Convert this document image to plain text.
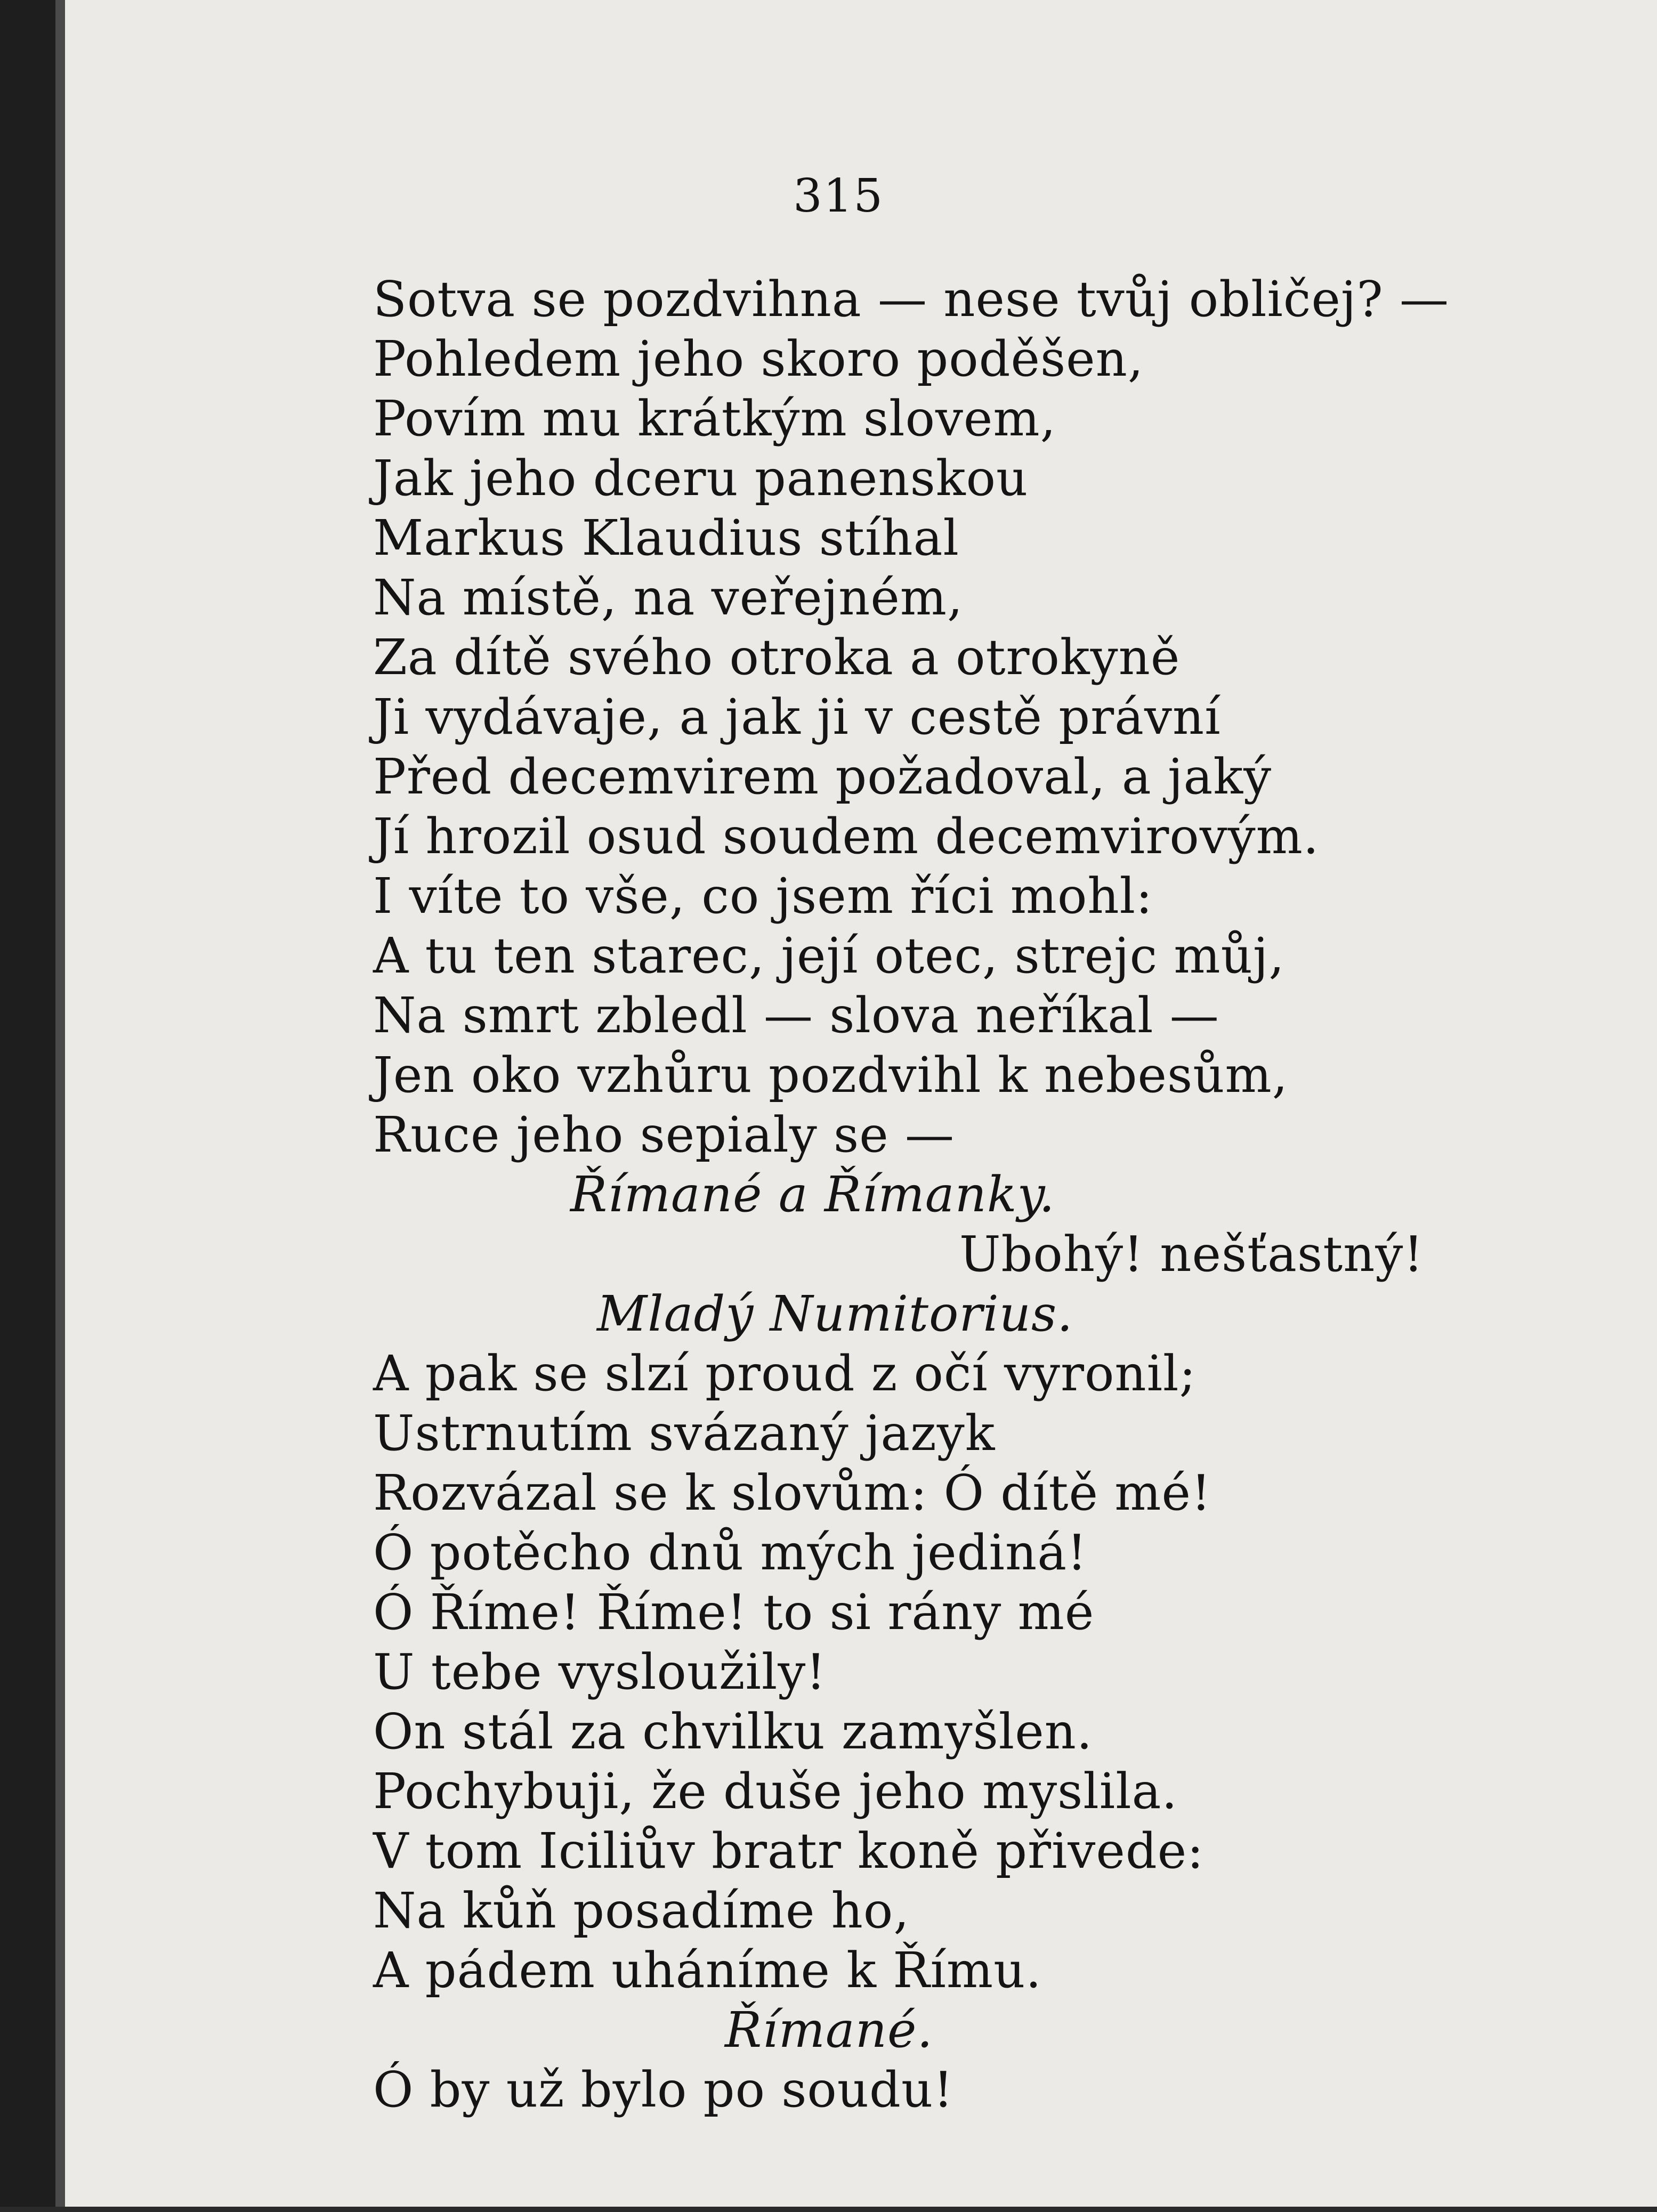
315
Sotva se pozdvihna — nese tvůj obličej? —
Pohledem jeho skoro poděšen,
Povím mu krátkým slovem,
Jak jeho dceru panenskou
Markus Klaudius stíhal
Na místě, na veřejném,
Za dítě svého otroka a otrokyně
Ji vydávaje, a jak ji v cestě právní
Před decemvirem požadoval, a jaký
Jí hrozil osud soudem decemvirovým.
I víte to vše, co jsem říci mohl:
A tu ten starec, její otec, strejc můj,
Na smrt zbledl — slova neříkal —
Jen oko vzhůru pozdvihl k nebesům,
Ruce jeho sepialy se —
Římané a Římanky.
Ubohý! nešťastný!
Mladý Numitorius.
A pak se slzí proud z očí vyronil;
Ustrnutím svázaný jazyk
Rozvázal se k slovům: Ó dítě mé!
Ó potěcho dnů mých jediná!
Ó Říme! Říme! to si rány mé
U tebe vysloužily!
On stál za chvilku zamyšlen.
Pochybuji, že duše jeho myslila.
V tom Iciliův bratr koně přivede:
Na kůň posadíme ho,
A pádem uháníme k Římu.
Římané.
Ó by už bylo po soudu!
